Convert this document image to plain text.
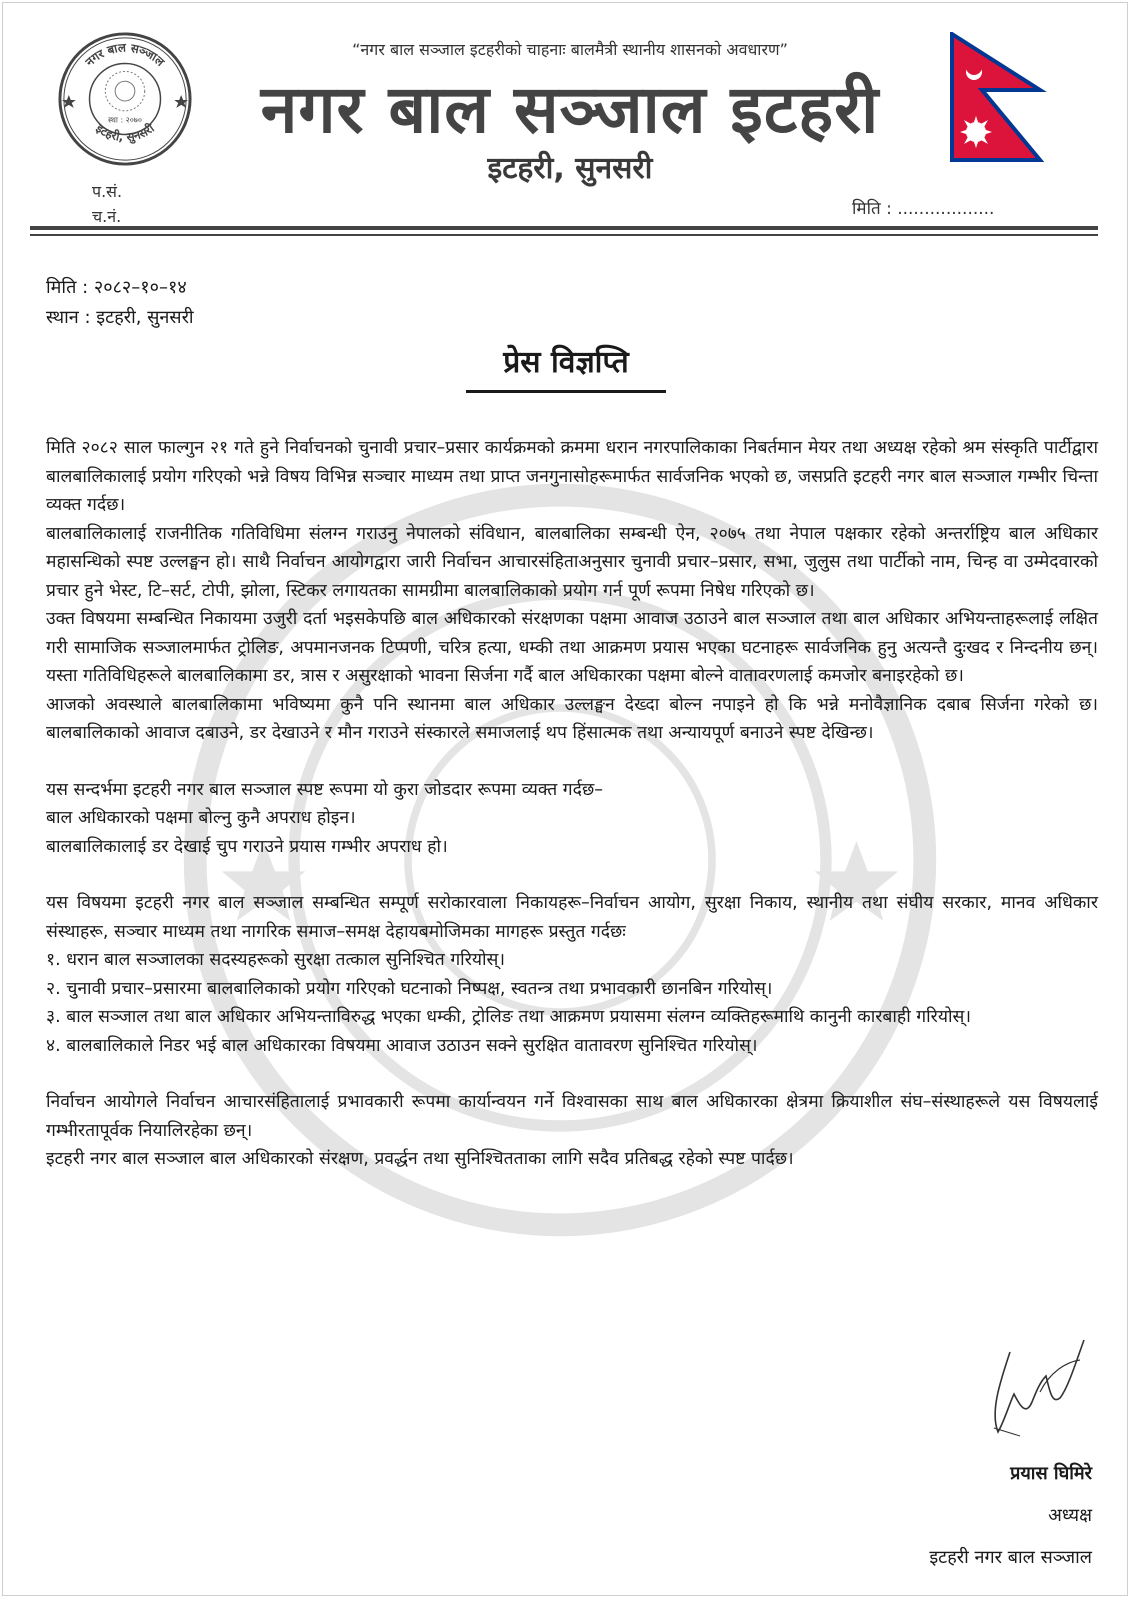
नगर बाल सञ्जाल
इटहरी, सुनसरी
स्था : २०७०
“नगर बाल सञ्जाल इटहरीको चाहनाः बालमैत्री स्थानीय शासनको अवधारण”
नगर बाल सञ्जाल इटहरी
इटहरी, सुनसरी
प.सं.
च.नं.	मिति : ..................
मिति : २०८२–१०–१४
स्थान : इटहरी, सुनसरी
प्रेस विज्ञप्ति

मिति २०८२ साल फाल्गुन २१ गते हुने निर्वाचनको चुनावी प्रचार–प्रसार कार्यक्रमको क्रममा धरान नगरपालिकाका निबर्तमान मेयर तथा अध्यक्ष रहेको श्रम संस्कृति पार्टीद्वारा बालबालिकालाई प्रयोग गरिएको भन्ने विषय विभिन्न सञ्चार माध्यम तथा प्राप्त जनगुनासोहरूमार्फत सार्वजनिक भएको छ, जसप्रति इटहरी नगर बाल सञ्जाल गम्भीर चिन्ता व्यक्त गर्दछ।

बालबालिकालाई राजनीतिक गतिविधिमा संलग्न गराउनु नेपालको संविधान, बालबालिका सम्बन्धी ऐन, २०७५ तथा नेपाल पक्षकार रहेको अन्तर्राष्ट्रिय बाल अधिकार महासन्धिको स्पष्ट उल्लङ्घन हो। साथै निर्वाचन आयोगद्वारा जारी निर्वाचन आचारसंहिताअनुसार चुनावी प्रचार–प्रसार, सभा, जुलुस तथा पार्टीको नाम, चिन्ह वा उम्मेदवारको प्रचार हुने भेस्ट, टि–सर्ट, टोपी, झोला, स्टिकर लगायतका सामग्रीमा बालबालिकाको प्रयोग गर्न पूर्ण रूपमा निषेध गरिएको छ।

उक्त विषयमा सम्बन्धित निकायमा उजुरी दर्ता भइसकेपछि बाल अधिकारको संरक्षणका पक्षमा आवाज उठाउने बाल सञ्जाल तथा बाल अधिकार अभियन्ताहरूलाई लक्षित गरी सामाजिक सञ्जालमार्फत ट्रोलिङ, अपमानजनक टिप्पणी, चरित्र हत्या, धम्की तथा आक्रमण प्रयास भएका घटनाहरू सार्वजनिक हुनु अत्यन्तै दुःखद र निन्दनीय छन्। यस्ता गतिविधिहरूले बालबालिकामा डर, त्रास र असुरक्षाको भावना सिर्जना गर्दै बाल अधिकारका पक्षमा बोल्ने वातावरणलाई कमजोर बनाइरहेको छ।

आजको अवस्थाले बालबालिकामा भविष्यमा कुनै पनि स्थानमा बाल अधिकार उल्लङ्घन देख्दा बोल्न नपाइने हो कि भन्ने मनोवैज्ञानिक दबाब सिर्जना गरेको छ। बालबालिकाको आवाज दबाउने, डर देखाउने र मौन गराउने संस्कारले समाजलाई थप हिंसात्मक तथा अन्यायपूर्ण बनाउने स्पष्ट देखिन्छ।

यस सन्दर्भमा इटहरी नगर बाल सञ्जाल स्पष्ट रूपमा यो कुरा जोडदार रूपमा व्यक्त गर्दछ–

बाल अधिकारको पक्षमा बोल्नु कुनै अपराध होइन।

बालबालिकालाई डर देखाई चुप गराउने प्रयास गम्भीर अपराध हो।

यस विषयमा इटहरी नगर बाल सञ्जाल सम्बन्धित सम्पूर्ण सरोकारवाला निकायहरू–निर्वाचन आयोग, सुरक्षा निकाय, स्थानीय तथा संघीय सरकार, मानव अधिकार संस्थाहरू, सञ्चार माध्यम तथा नागरिक समाज–समक्ष देहायबमोजिमका मागहरू प्रस्तुत गर्दछः

१. धरान बाल सञ्जालका सदस्यहरूको सुरक्षा तत्काल सुनिश्चित गरियोस्।

२. चुनावी प्रचार–प्रसारमा बालबालिकाको प्रयोग गरिएको घटनाको निष्पक्ष, स्वतन्त्र तथा प्रभावकारी छानबिन गरियोस्।

३. बाल सञ्जाल तथा बाल अधिकार अभियन्ताविरुद्ध भएका धम्की, ट्रोलिङ तथा आक्रमण प्रयासमा संलग्न व्यक्तिहरूमाथि कानुनी कारबाही गरियोस्।

४. बालबालिकाले निडर भई बाल अधिकारका विषयमा आवाज उठाउन सक्ने सुरक्षित वातावरण सुनिश्चित गरियोस्।

निर्वाचन आयोगले निर्वाचन आचारसंहितालाई प्रभावकारी रूपमा कार्यान्वयन गर्ने विश्वासका साथ बाल अधिकारका क्षेत्रमा क्रियाशील संघ–संस्थाहरूले यस विषयलाई गम्भीरतापूर्वक नियालिरहेका छन्।

इटहरी नगर बाल सञ्जाल बाल अधिकारको संरक्षण, प्रवर्द्धन तथा सुनिश्चितताका लागि सदैव प्रतिबद्ध रहेको स्पष्ट पार्दछ।

प्रयास घिमिरे
अध्यक्ष
इटहरी नगर बाल सञ्जाल
